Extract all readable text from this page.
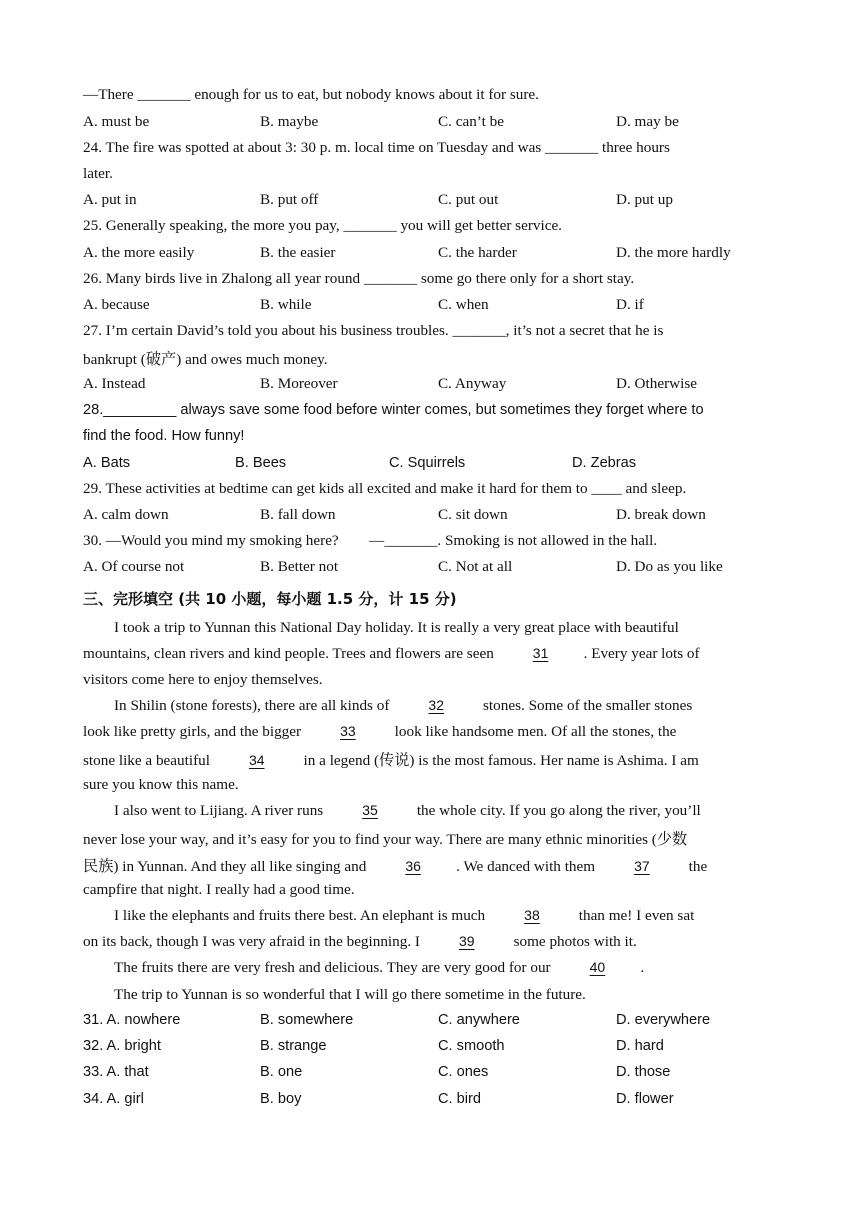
—There _______ enough for us to eat, but nobody knows about it for sure.
A. must be	B. maybe	C. can’t be	D. may be
24. The fire was spotted at about 3: 30 p. m. local time on Tuesday and was _______ three hours
later.
A. put in	B. put off	C. put out	D. put up
25. Generally speaking, the more you pay, _______ you will get better service.
A. the more easily	B. the easier	C. the harder	D. the more hardly
26. Many birds live in Zhalong all year round _______ some go there only for a short stay.
A. because	B. while	C. when	D. if
27. I’m certain David’s told you about his business troubles. _______, it’s not a secret that he is
bankrupt (破产) and owes much money.
A. Instead	B. Moreover	C. Anyway	D. Otherwise
28._________ always save some food before winter comes, but sometimes they forget where to
find the food. How funny!
A. Bats	B. Bees	C. Squirrels	D. Zebras
29. These activities at bedtime can get kids all excited and make it hard for them to ____ and sleep.
A. calm down	B. fall down	C. sit down	D. break down
30. —Would you mind my smoking here?        —_______. Smoking is not allowed in the hall.
A. Of course not	B. Better not	C. Not at all	D. Do as you like
三、完形填空 (共 10 小题，每小题 1.5 分，计 15 分)
I took a trip to Yunnan this National Day holiday. It is really a very great place with beautiful
mountains, clean rivers and kind people. Trees and flowers are seen	31 . Every year lots of
visitors come here to enjoy themselves.
In Shilin (stone forests), there are all kinds of	32 stones. Some of the smaller stones
look like pretty girls, and the bigger	33 look like handsome men. Of all the stones, the
stone like a beautiful	34 in a legend (传说) is the most famous. Her name is Ashima. I am
sure you know this name.
I also went to Lijiang. A river runs	35 the whole city. If you go along the river, you’ll
never lose your way, and it’s easy for you to find your way. There are many ethnic minorities (少数
民族) in Yunnan. And they all like singing and	36 . We danced with them	37 the
campfire that night. I really had a good time.
I like the elephants and fruits there best. An elephant is much	38 than me! I even sat
on its back, though I was very afraid in the beginning. I	39 some photos with it.
The fruits there are very fresh and delicious. They are very good for our	40 .
The trip to Yunnan is so wonderful that I will go there sometime in the future.
31. A. nowhere	B. somewhere	C. anywhere	D. everywhere
32. A. bright	B. strange	C. smooth	D. hard
33. A. that	B. one	C. ones	D. those
34. A. girl	B. boy	C. bird	D. flower
